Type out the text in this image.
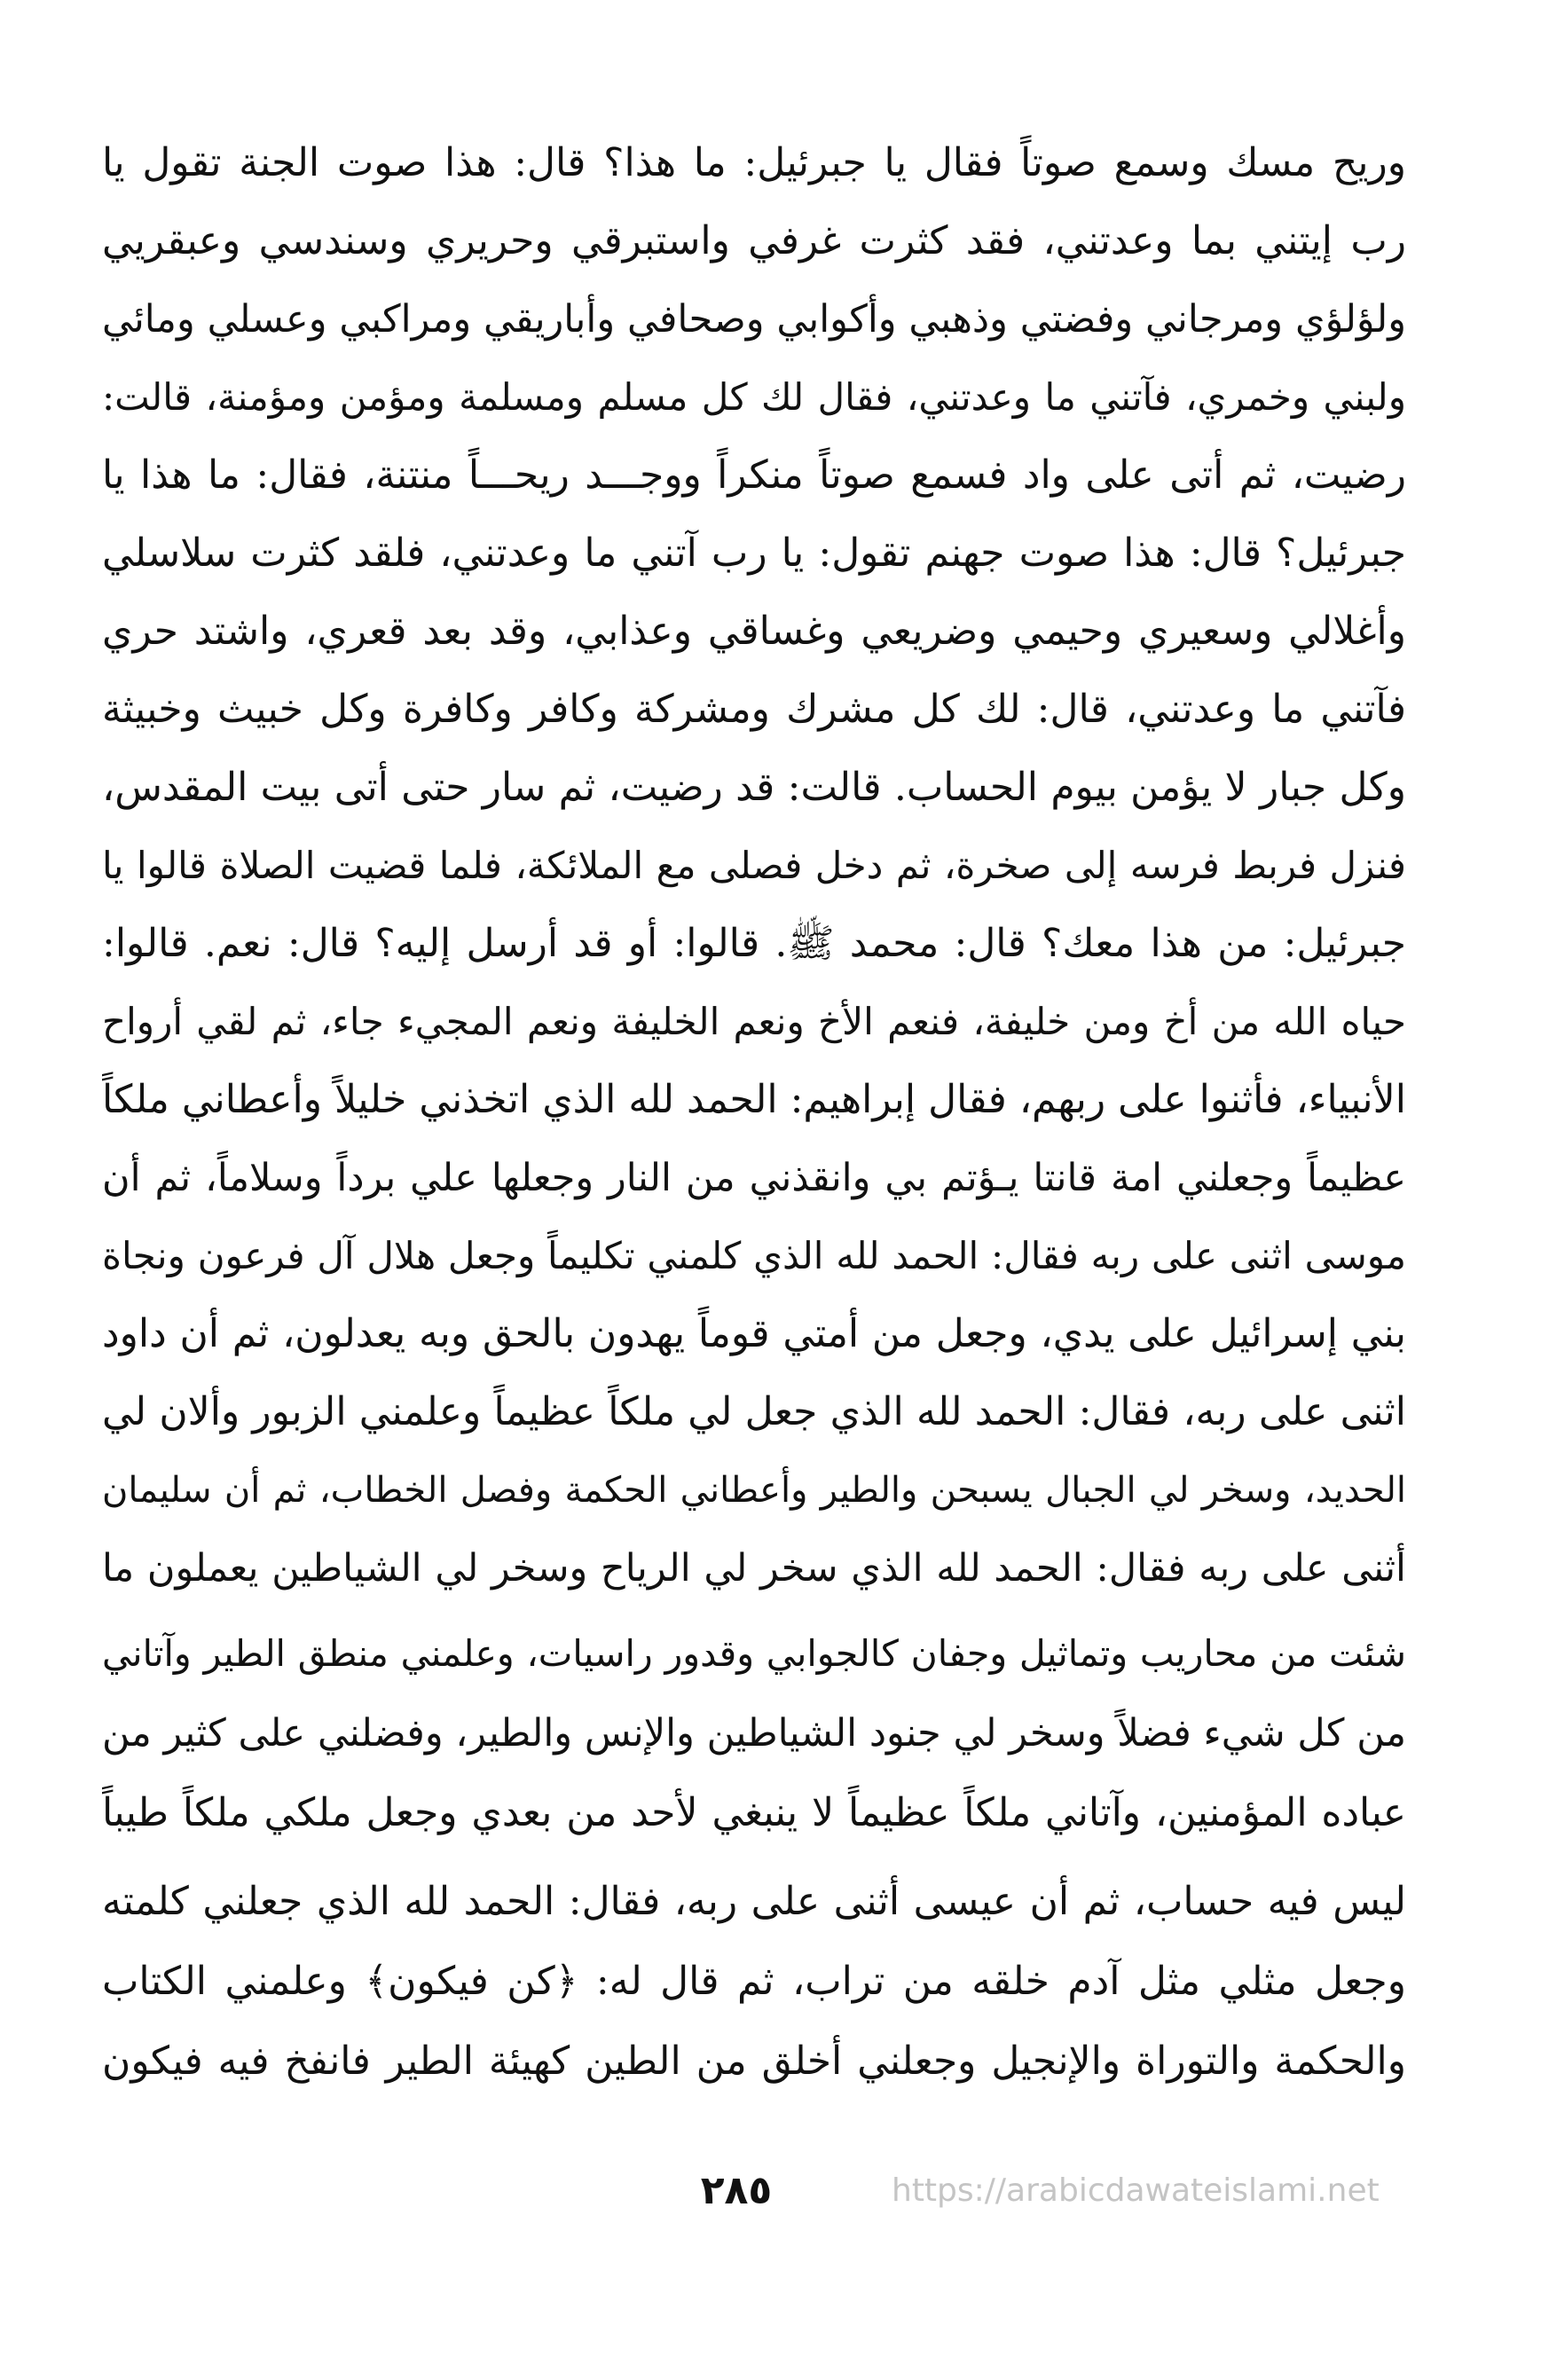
وريح مسك وسمع صوتاً فقال يا جبرئيل: ما هذا؟ قال: هذا صوت الجنة تقول يا
رب إيتني بما وعدتني، فقد كثرت غرفي واستبرقي وحريري وسندسي وعبقريي
ولؤلؤي ومرجاني وفضتي وذهبي وأكوابي وصحافي وأباريقي ومراكبي وعسلي ومائي
ولبني وخمري، فآتني ما وعدتني، فقال لك كل مسلم ومسلمة ومؤمن ومؤمنة، قالت:
رضيت، ثم أتى على واد فسمع صوتاً منكراً ووجـــد ريحـــاً منتنة، فقال: ما هذا يا
جبرئيل؟ قال: هذا صوت جهنم تقول: يا رب آتني ما وعدتني، فلقد كثرت سلاسلي
وأغلالي وسعيري وحيمي وضريعي وغساقي وعذابي، وقد بعد قعري، واشتد حري
فآتني ما وعدتني، قال: لك كل مشرك ومشركة وكافر وكافرة وكل خبيث وخبيثة
وكل جبار لا يؤمن بيوم الحساب. قالت: قد رضيت، ثم سار حتى أتى بيت المقدس،
فنزل فربط فرسه إلى صخرة، ثم دخل فصلى مع الملائكة، فلما قضيت الصلاة قالوا يا
جبرئيل: من هذا معك؟ قال: محمد ﷺ. قالوا: أو قد أرسل إليه؟ قال: نعم. قالوا:
حياه الله من أخ ومن خليفة، فنعم الأخ ونعم الخليفة ونعم المجيء جاء، ثم لقي أرواح
الأنبياء، فأثنوا على ربهم، فقال إبراهيم: الحمد لله الذي اتخذني خليلاً وأعطاني ملكاً
عظيماً وجعلني امة قانتا يـؤتم بي وانقذني من النار وجعلها علي برداً وسلاماً، ثم أن
موسى اثنى على ربه فقال: الحمد لله الذي كلمني تكليماً وجعل هلال آل فرعون ونجاة
بني إسرائيل على يدي، وجعل من أمتي قوماً يهدون بالحق وبه يعدلون، ثم أن داود
اثنى على ربه، فقال: الحمد لله الذي جعل لي ملكاً عظيماً وعلمني الزبور وألان لي
الحديد، وسخر لي الجبال يسبحن والطير وأعطاني الحكمة وفصل الخطاب، ثم أن سليمان
أثنى على ربه فقال: الحمد لله الذي سخر لي الرياح وسخر لي الشياطين يعملون ما
شئت من محاريب وتماثيل وجفان كالجوابي وقدور راسيات، وعلمني منطق الطير وآتاني
من كل شيء فضلاً وسخر لي جنود الشياطين والإنس والطير، وفضلني على كثير من
عباده المؤمنين، وآتاني ملكاً عظيماً لا ينبغي لأحد من بعدي وجعل ملكي ملكاً طيباً
ليس فيه حساب، ثم أن عيسى أثنى على ربه، فقال: الحمد لله الذي جعلني كلمته
وجعل مثلي مثل آدم خلقه من تراب، ثم قال له: ﴿كن فيكون﴾ وعلمني الكتاب
والحكمة والتوراة والإنجيل وجعلني أخلق من الطين كهيئة الطير فانفخ فيه فيكون
٢٨٥	https://arabicdawateislami.net
